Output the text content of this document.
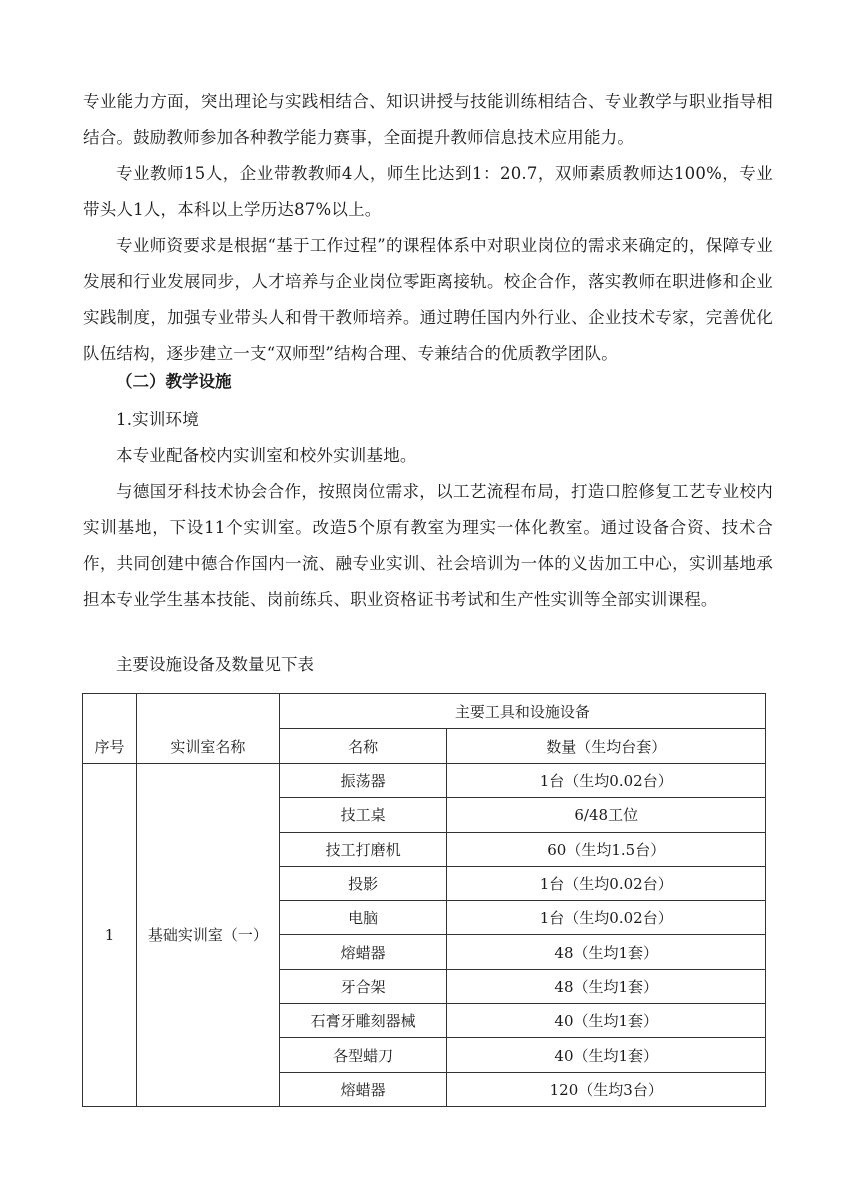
专业能力方面，突出理论与实践相结合、知识讲授与技能训练相结合、专业教学与职业指导相结合。鼓励教师参加各种教学能力赛事，全面提升教师信息技术应用能力。

专业教师15人，企业带教教师4人，师生比达到1：20.7，双师素质教师达100%，专业带头人1人，本科以上学历达87%以上。

专业师资要求是根据“基于工作过程”的课程体系中对职业岗位的需求来确定的，保障专业发展和行业发展同步，人才培养与企业岗位零距离接轨。校企合作，落实教师在职进修和企业实践制度，加强专业带头人和骨干教师培养。通过聘任国内外行业、企业技术专家，完善优化队伍结构，逐步建立一支“双师型”结构合理、专兼结合的优质教学团队。

（二）教学设施

1.实训环境

本专业配备校内实训室和校外实训基地。

与德国牙科技术协会合作，按照岗位需求，以工艺流程布局，打造口腔修复工艺专业校内实训基地，下设11个实训室。改造5个原有教室为理实一体化教室。通过设备合资、技术合作，共同创建中德合作国内一流、融专业实训、社会培训为一体的义齿加工中心，实训基地承担本专业学生基本技能、岗前练兵、职业资格证书考试和生产性实训等全部实训课程。

主要设施设备及数量见下表
序号	实训室名称	主要工具和设施设备	
		名称	数量（生均台套）
1	基础实训室（一）	振荡器	1台（生均0.02台）
		技工桌	6/48工位
		技工打磨机	60（生均1.5台）
		投影	1台（生均0.02台）
		电脑	1台（生均0.02台）
		熔蜡器	48（生均1套）
		牙合架	48（生均1套）
		石膏牙雕刻器械	40（生均1套）
		各型蜡刀	40（生均1套）
		熔蜡器	120（生均3台）
